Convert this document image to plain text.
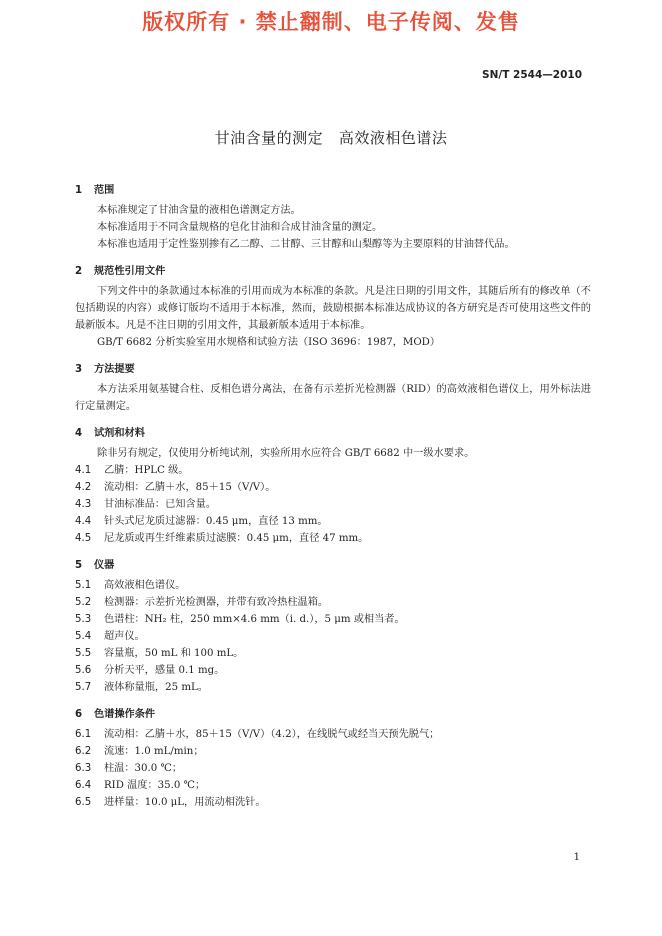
版权所有 · 禁止翻制、电子传阅、发售
SN/T 2544—2010
甘油含量的测定   高效液相色谱法
1	范围
本标准规定了甘油含量的液相色谱测定方法。
本标准适用于不同含量规格的皂化甘油和合成甘油含量的测定。
本标准也适用于定性鉴别掺有乙二醇、二甘醇、三甘醇和山梨醇等为主要原料的甘油替代品。
2	规范性引用文件
下列文件中的条款通过本标准的引用而成为本标准的条款。凡是注日期的引用文件，其随后所有的修改单（不包括勘误的内容）或修订版均不适用于本标准，然而，鼓励根据本标准达成协议的各方研究是否可使用这些文件的最新版本。凡是不注日期的引用文件，其最新版本适用于本标准。
GB/T 6682 分析实验室用水规格和试验方法（ISO 3696：1987，MOD）
3	方法提要
本方法采用氨基键合柱、反相色谱分离法，在备有示差折光检测器（RID）的高效液相色谱仪上，用外标法进行定量测定。
4	试剂和材料
除非另有规定，仅使用分析纯试剂，实验所用水应符合 GB/T 6682 中一级水要求。
4.1	乙腈：HPLC 级。
4.2	流动相：乙腈＋水，85＋15（V/V）。
4.3	甘油标准品：已知含量。
4.4	针头式尼龙质过滤器：0.45 μm，直径 13 mm。
4.5	尼龙质或再生纤维素质过滤膜：0.45 μm，直径 47 mm。
5	仪器
5.1	高效液相色谱仪。
5.2	检测器：示差折光检测器，并带有致冷热柱温箱。
5.3	色谱柱：NH₂ 柱，250 mm×4.6 mm（i. d.），5 μm 或相当者。
5.4	超声仪。
5.5	容量瓶，50 mL 和 100 mL。
5.6	分析天平，感量 0.1 mg。
5.7	液体称量瓶，25 mL。
6	色谱操作条件
6.1	流动相：乙腈＋水，85＋15（V/V）（4.2），在线脱气或经当天预先脱气；
6.2	流速：1.0 mL/min；
6.3	柱温：30.0 ℃；
6.4	RID 温度：35.0 ℃；
6.5	进样量：10.0 μL，用流动相洗针。
1
